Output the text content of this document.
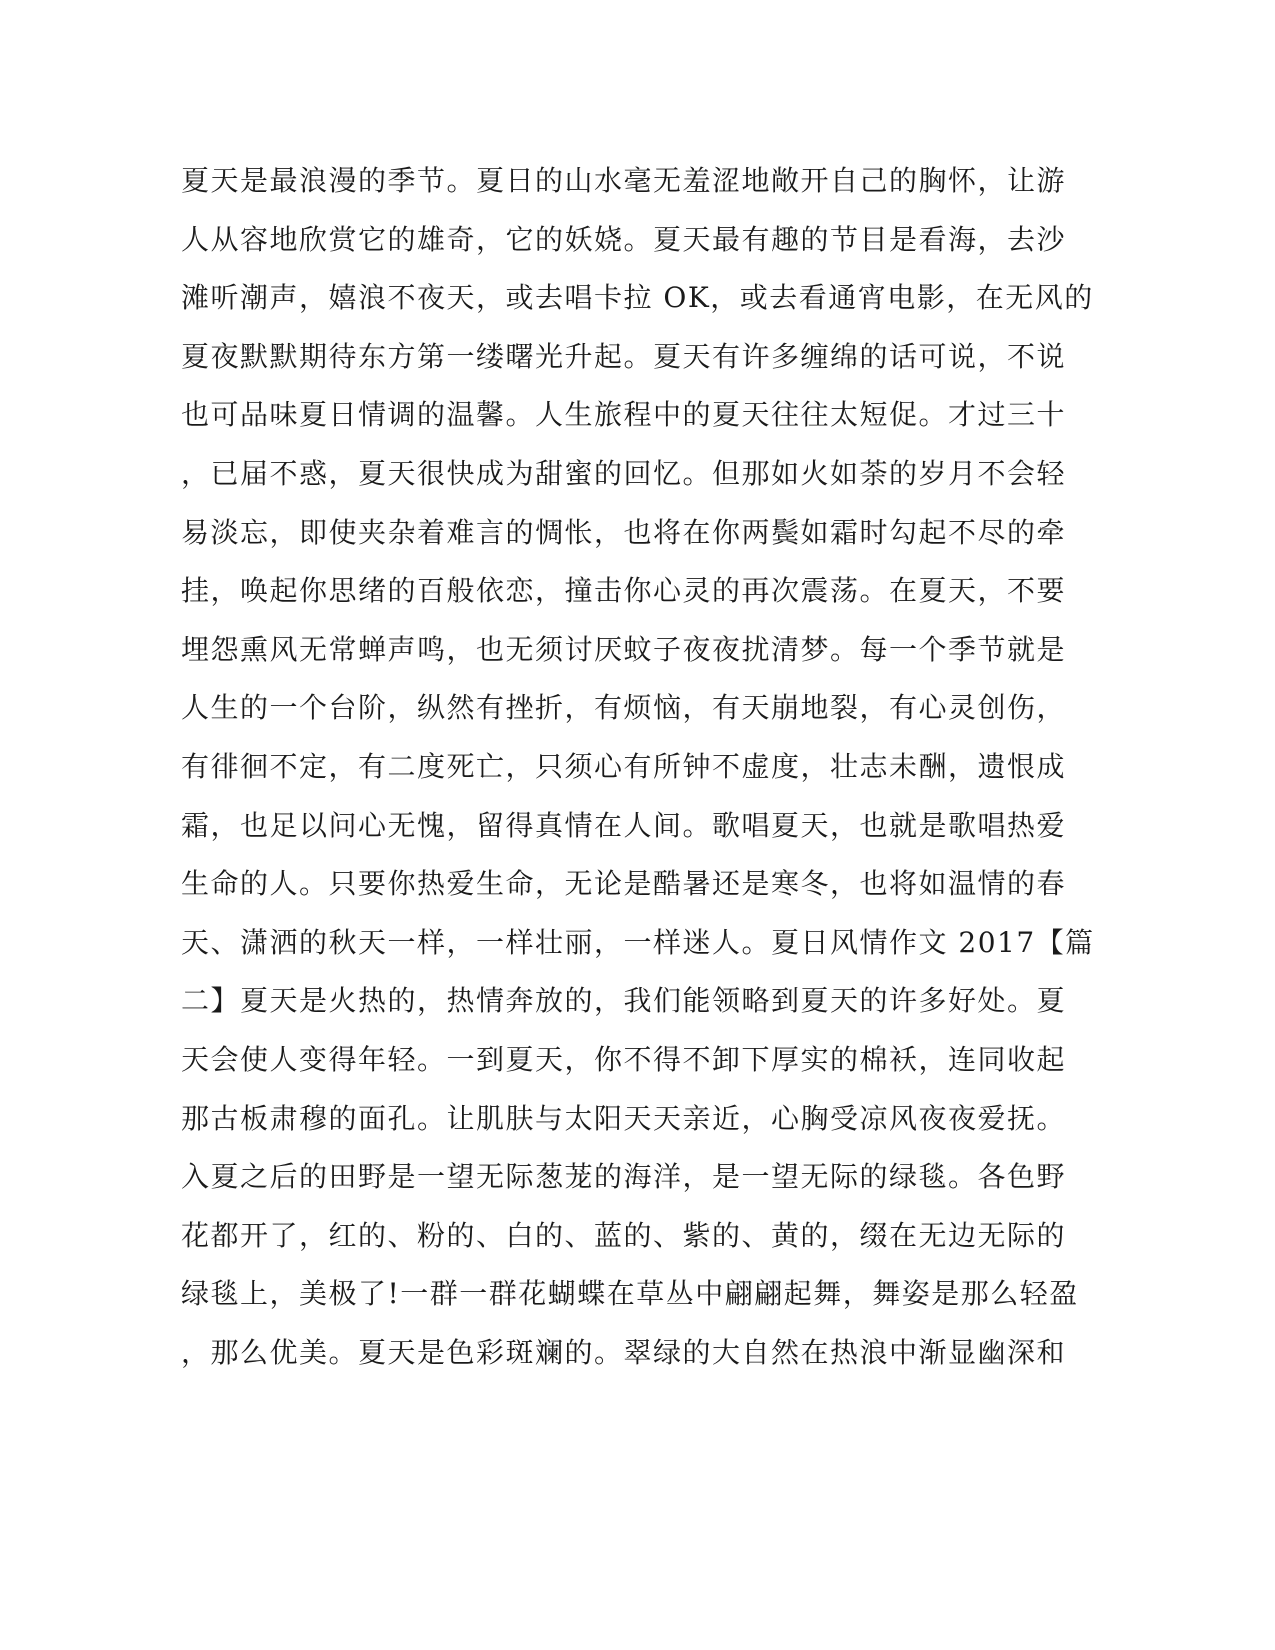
夏天是最浪漫的季节。夏日的山水毫无羞涩地敞开自己的胸怀，让游
人从容地欣赏它的雄奇，它的妖娆。夏天最有趣的节目是看海，去沙
滩听潮声，嬉浪不夜天，或去唱卡拉 OK，或去看通宵电影，在无风的
夏夜默默期待东方第一缕曙光升起。夏天有许多缠绵的话可说，不说
也可品味夏日情调的温馨。人生旅程中的夏天往往太短促。才过三十
，已届不惑，夏天很快成为甜蜜的回忆。但那如火如荼的岁月不会轻
易淡忘，即使夹杂着难言的惆怅，也将在你两鬓如霜时勾起不尽的牵
挂，唤起你思绪的百般依恋，撞击你心灵的再次震荡。在夏天，不要
埋怨熏风无常蝉声鸣，也无须讨厌蚊子夜夜扰清梦。每一个季节就是
人生的一个台阶，纵然有挫折，有烦恼，有天崩地裂，有心灵创伤，
有徘徊不定，有二度死亡，只须心有所钟不虚度，壮志未酬，遗恨成
霜，也足以问心无愧，留得真情在人间。歌唱夏天，也就是歌唱热爱
生命的人。只要你热爱生命，无论是酷暑还是寒冬，也将如温情的春
天、潇洒的秋天一样，一样壮丽，一样迷人。夏日风情作文 2017【篇
二】夏天是火热的，热情奔放的，我们能领略到夏天的许多好处。夏
天会使人变得年轻。一到夏天，你不得不卸下厚实的棉袄，连同收起
那古板肃穆的面孔。让肌肤与太阳天天亲近，心胸受凉风夜夜爱抚。
入夏之后的田野是一望无际葱茏的海洋，是一望无际的绿毯。各色野
花都开了，红的、粉的、白的、蓝的、紫的、黄的，缀在无边无际的
绿毯上，美极了!一群一群花蝴蝶在草丛中翩翩起舞，舞姿是那么轻盈
，那么优美。夏天是色彩斑斓的。翠绿的大自然在热浪中渐显幽深和
